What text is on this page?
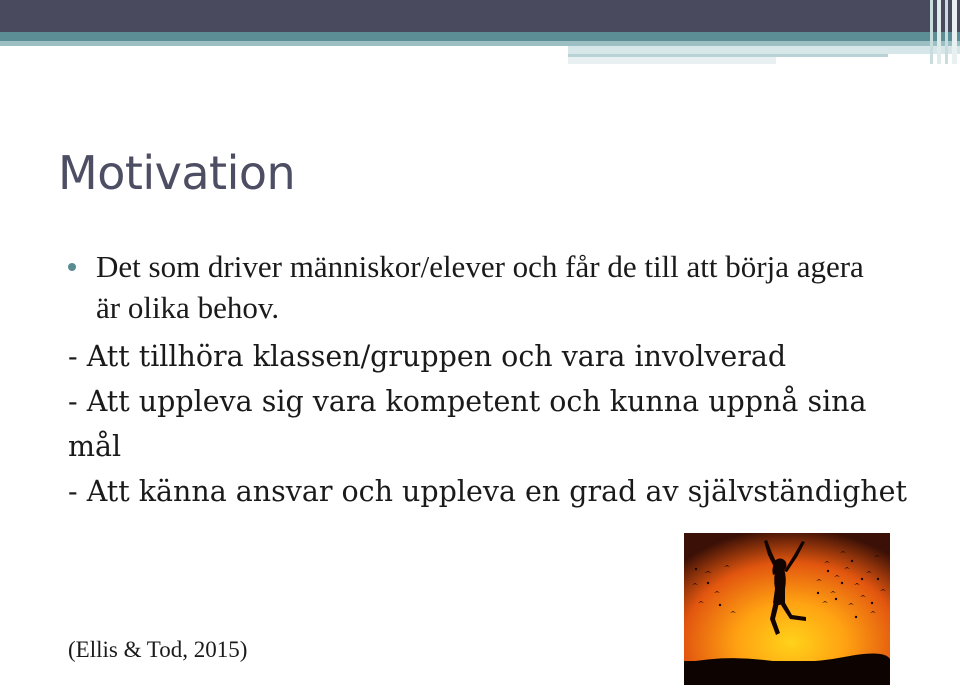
Motivation
Det som driver människor/elever och får de till att börja agera är olika behov.

- Att tillhöra klassen/gruppen och vara involverad

- Att uppleva sig vara kompetent och kunna uppnå sina mål

- Att känna ansvar och uppleva en grad av självständighet

(Ellis & Tod, 2015)
